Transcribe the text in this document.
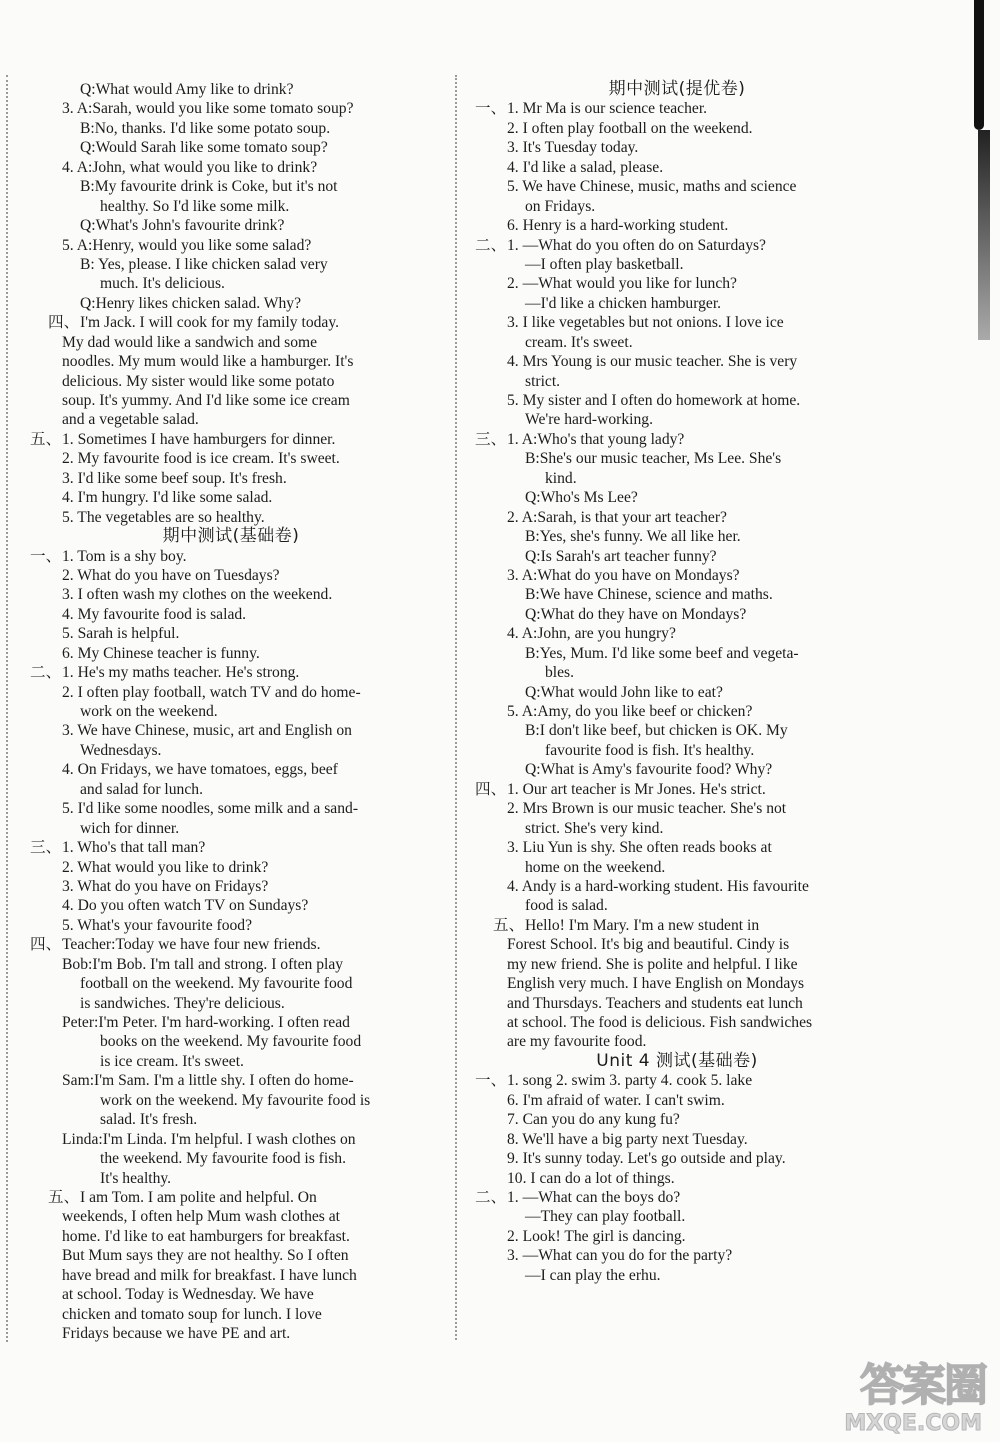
Q:What would Amy like to drink?
3. A:Sarah, would you like some tomato soup?
B:No, thanks. I'd like some potato soup.
Q:Would Sarah like some tomato soup?
4. A:John, what would you like to drink?
B:My favourite drink is Coke, but it's not
healthy. So I'd like some milk.
Q:What's John's favourite drink?
5. A:Henry, would you like some salad?
B: Yes, please. I like chicken salad very
much. It's delicious.
Q:Henry likes chicken salad. Why?
四、I'm Jack. I will cook for my family today.
My dad would like a sandwich and some
noodles. My mum would like a hamburger. It's
delicious. My sister would like some potato
soup. It's yummy. And I'd like some ice cream
and a vegetable salad.
五、1. Sometimes I have hamburgers for dinner.
2. My favourite food is ice cream. It's sweet.
3. I'd like some beef soup. It's fresh.
4. I'm hungry. I'd like some salad.
5. The vegetables are so healthy.
期中测试(基础卷)
一、1. Tom is a shy boy.
2. What do you have on Tuesdays?
3. I often wash my clothes on the weekend.
4. My favourite food is salad.
5. Sarah is helpful.
6. My Chinese teacher is funny.
二、1. He's my maths teacher. He's strong.
2. I often play football, watch TV and do home-
work on the weekend.
3. We have Chinese, music, art and English on
Wednesdays.
4. On Fridays, we have tomatoes, eggs, beef
and salad for lunch.
5. I'd like some noodles, some milk and a sand-
wich for dinner.
三、1. Who's that tall man?
2. What would you like to drink?
3. What do you have on Fridays?
4. Do you often watch TV on Sundays?
5. What's your favourite food?
四、Teacher:Today we have four new friends.
Bob:I'm Bob. I'm tall and strong. I often play
football on the weekend. My favourite food
is sandwiches. They're delicious.
Peter:I'm Peter. I'm hard-working. I often read
books on the weekend. My favourite food
is ice cream. It's sweet.
Sam:I'm Sam. I'm a little shy. I often do home-
work on the weekend. My favourite food is
salad. It's fresh.
Linda:I'm Linda. I'm helpful. I wash clothes on
the weekend. My favourite food is fish.
It's healthy.
五、I am Tom. I am polite and helpful. On
weekends, I often help Mum wash clothes at
home. I'd like to eat hamburgers for breakfast.
But Mum says they are not healthy. So I often
have bread and milk for breakfast. I have lunch
at school. Today is Wednesday. We have
chicken and tomato soup for lunch. I love
Fridays because we have PE and art.
期中测试(提优卷)
一、1. Mr Ma is our science teacher.
2. I often play football on the weekend.
3. It's Tuesday today.
4. I'd like a salad, please.
5. We have Chinese, music, maths and science
on Fridays.
6. Henry is a hard-working student.
二、1. —What do you often do on Saturdays?
—I often play basketball.
2. —What would you like for lunch?
—I'd like a chicken hamburger.
3. I like vegetables but not onions. I love ice
cream. It's sweet.
4. Mrs Young is our music teacher. She is very
strict.
5. My sister and I often do homework at home.
We're hard-working.
三、1. A:Who's that young lady?
B:She's our music teacher, Ms Lee. She's
kind.
Q:Who's Ms Lee?
2. A:Sarah, is that your art teacher?
B:Yes, she's funny. We all like her.
Q:Is Sarah's art teacher funny?
3. A:What do you have on Mondays?
B:We have Chinese, science and maths.
Q:What do they have on Mondays?
4. A:John, are you hungry?
B:Yes, Mum. I'd like some beef and vegeta-
bles.
Q:What would John like to eat?
5. A:Amy, do you like beef or chicken?
B:I don't like beef, but chicken is OK. My
favourite food is fish. It's healthy.
Q:What is Amy's favourite food? Why?
四、1. Our art teacher is Mr Jones. He's strict.
2. Mrs Brown is our music teacher. She's not
strict. She's very kind.
3. Liu Yun is shy. She often reads books at
home on the weekend.
4. Andy is a hard-working student. His favourite
food is salad.
五、Hello! I'm Mary. I'm a new student in
Forest School. It's big and beautiful. Cindy is
my new friend. She is polite and helpful. I like
English very much. I have English on Mondays
and Thursdays. Teachers and students eat lunch
at school. The food is delicious. Fish sandwiches
are my favourite food.
Unit 4 测试(基础卷)
一、1. song 2. swim 3. party 4. cook 5. lake
6. I'm afraid of water. I can't swim.
7. Can you do any kung fu?
8. We'll have a big party next Tuesday.
9. It's sunny today. Let's go outside and play.
10. I can do a lot of things.
二、1. —What can the boys do?
—They can play football.
2. Look! The girl is dancing.
3. —What can you do for the party?
—I can play the erhu.
答案圈
MXQE.COM
